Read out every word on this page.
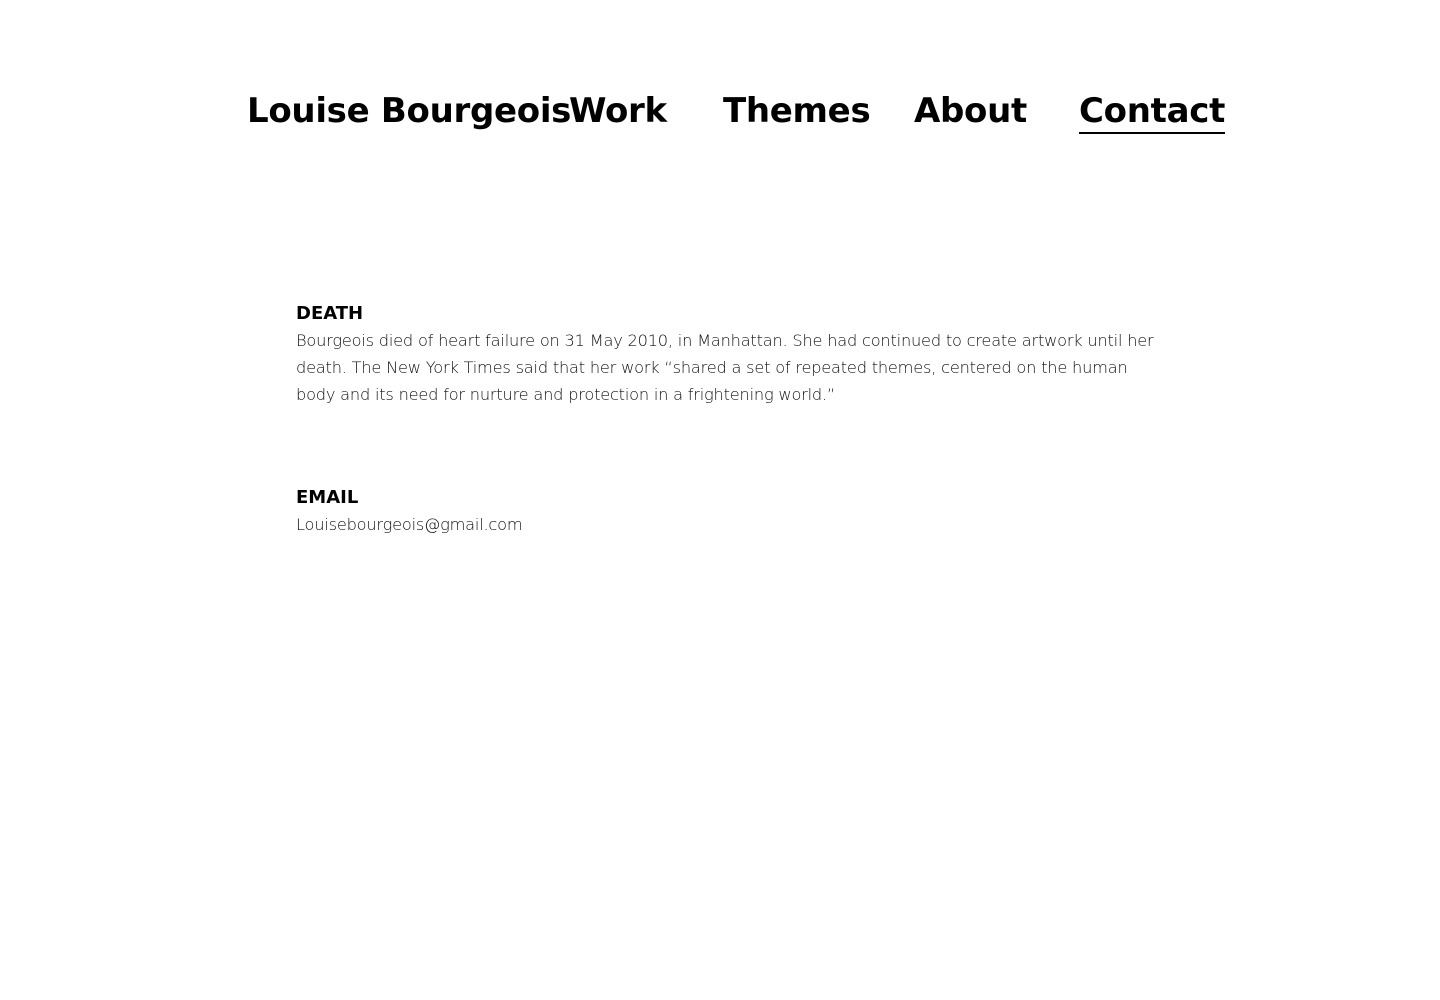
Louise Bourgeois
Work Themes About Contact
DEATH

Bourgeois died of heart failure on 31 May 2010, in Manhattan. She had continued to create artwork until her death. The New York Times said that her work “shared a set of repeated themes, centered on the human body and its need for nurture and protection in a frightening world.”

EMAIL

Louisebourgeois@gmail.com
